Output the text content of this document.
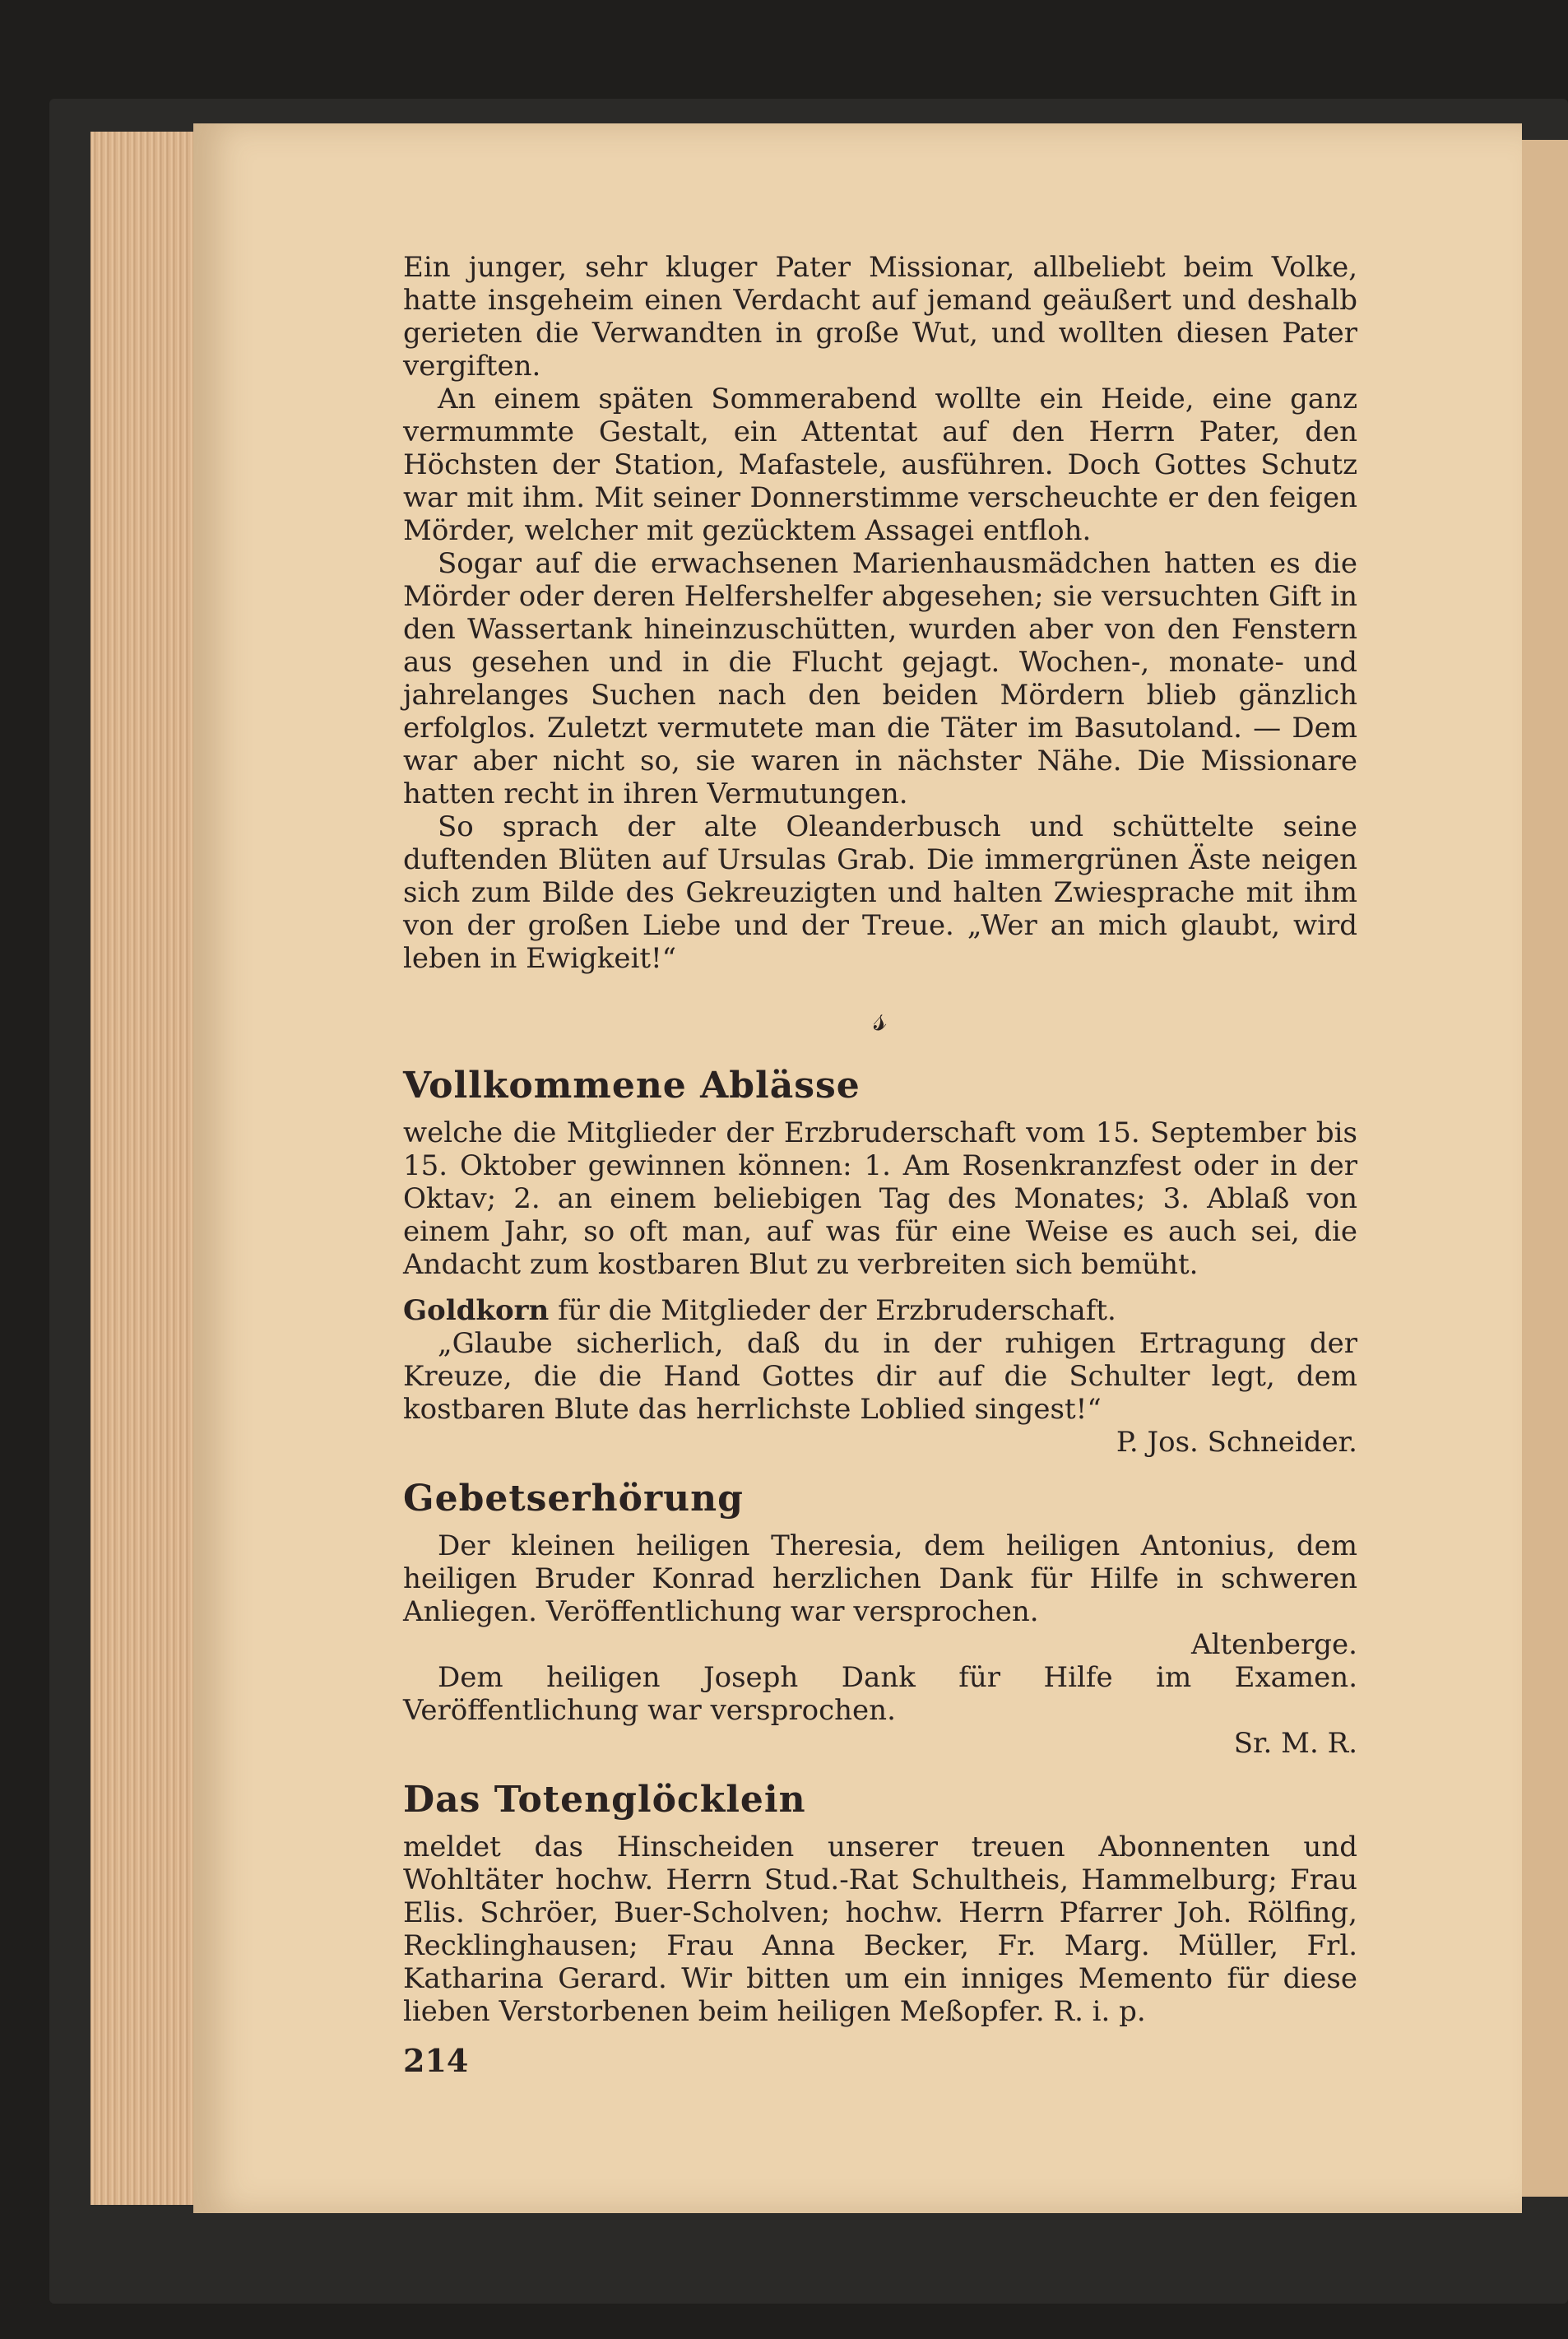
Ein junger, sehr kluger Pater Missionar, allbeliebt beim Volke, hatte insgeheim einen Verdacht auf jemand geäußert und deshalb gerieten die Verwandten in große Wut, und wollten diesen Pater vergiften.

An einem späten Sommerabend wollte ein Heide, eine ganz vermummte Gestalt, ein Attentat auf den Herrn Pater, den Höchsten der Station, Mafastele, ausführen. Doch Gottes Schutz war mit ihm. Mit seiner Donnerstimme verscheuchte er den feigen Mörder, welcher mit gezücktem Assagei entfloh.

Sogar auf die erwachsenen Marienhausmädchen hatten es die Mörder oder deren Helfershelfer abgesehen; sie versuchten Gift in den Wassertank hineinzuschütten, wurden aber von den Fenstern aus gesehen und in die Flucht gejagt. Wochen-, monate- und jahrelanges Suchen nach den beiden Mördern blieb gänzlich erfolglos. Zuletzt vermutete man die Täter im Basutoland. — Dem war aber nicht so, sie waren in nächster Nähe. Die Missionare hatten recht in ihren Vermutungen.

So sprach der alte Oleanderbusch und schüttelte seine duftenden Blüten auf Ursulas Grab. Die immergrünen Äste neigen sich zum Bilde des Gekreuzigten und halten Zwiesprache mit ihm von der großen Liebe und der Treue. „Wer an mich glaubt, wird leben in Ewigkeit!“

𝓈
Vollkommene Ablässe

welche die Mitglieder der Erzbruderschaft vom 15. September bis 15. Oktober gewinnen können: 1. Am Rosenkranzfest oder in der Oktav; 2. an einem beliebigen Tag des Monates; 3. Ablaß von einem Jahr, so oft man, auf was für eine Weise es auch sei, die Andacht zum kostbaren Blut zu verbreiten sich bemüht.

Goldkorn für die Mitglieder der Erzbruderschaft.

„Glaube sicherlich, daß du in der ruhigen Ertragung der Kreuze, die die Hand Gottes dir auf die Schulter legt, dem kostbaren Blute das herrlichste Loblied singest!“

P. Jos. Schneider.
Gebetserhörung

Der kleinen heiligen Theresia, dem heiligen Antonius, dem heiligen Bruder Konrad herzlichen Dank für Hilfe in schweren Anliegen. Veröffentlichung war versprochen.

Altenberge.

Dem heiligen Joseph Dank für Hilfe im Examen. Veröffentlichung war versprochen.

Sr. M. R.
Das Totenglöcklein

meldet das Hinscheiden unserer treuen Abonnenten und Wohltäter hochw. Herrn Stud.-Rat Schultheis, Hammelburg; Frau Elis. Schröer, Buer-Scholven; hochw. Herrn Pfarrer Joh. Rölfing, Recklinghausen; Frau Anna Becker, Fr. Marg. Müller, Frl. Katharina Gerard. Wir bitten um ein inniges Memento für diese lieben Verstorbenen beim heiligen Meßopfer. R. i. p.

214
